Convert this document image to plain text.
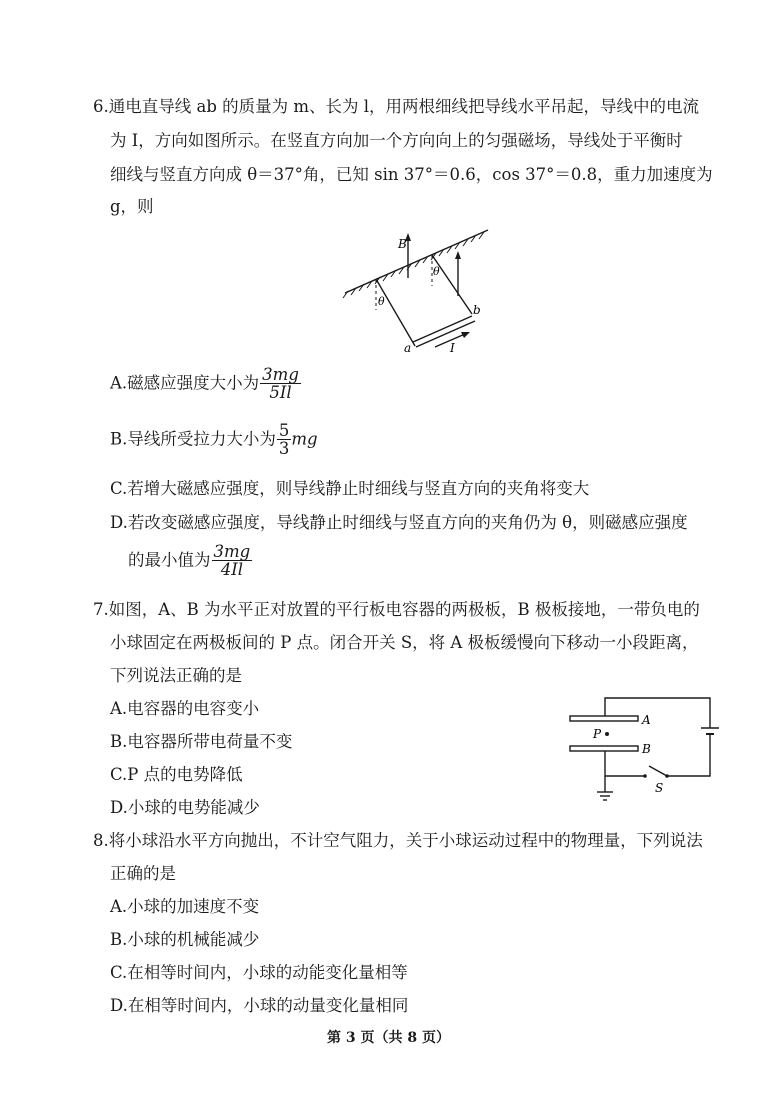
6.通电直导线 ab 的质量为 m、长为 l，用两根细线把导线水平吊起，导线中的电流
为 I，方向如图所示。在竖直方向加一个方向向上的匀强磁场，导线处于平衡时
细线与竖直方向成 θ＝37°角，已知 sin 37°＝0.6，cos 37°＝0.8，重力加速度为
g，则
B
θ
θ
a
b
I
A.磁感应强度大小为 $\frac{3mg}{5Il}$
B.导线所受拉力大小为 $\frac{5}{3}$ mg
C.若增大磁感应强度，则导线静止时细线与竖直方向的夹角将变大
D.若改变磁感应强度，导线静止时细线与竖直方向的夹角仍为 θ，则磁感应强度
的最小值为 $\frac{3mg}{4Il}$
7.如图，A、B 为水平正对放置的平行板电容器的两极板，B 极板接地，一带负电的
小球固定在两极板间的 P 点。闭合开关 S，将 A 极板缓慢向下移动一小段距离，
下列说法正确的是
A.电容器的电容变小
B.电容器所带电荷量不变
C.P 点的电势降低
D.小球的电势能减少
A
B
P
S
8.将小球沿水平方向抛出，不计空气阻力，关于小球运动过程中的物理量，下列说法
正确的是
A.小球的加速度不变
B.小球的机械能减少
C.在相等时间内，小球的动能变化量相等
D.在相等时间内，小球的动量变化量相同
第 3 页（共 8 页）
